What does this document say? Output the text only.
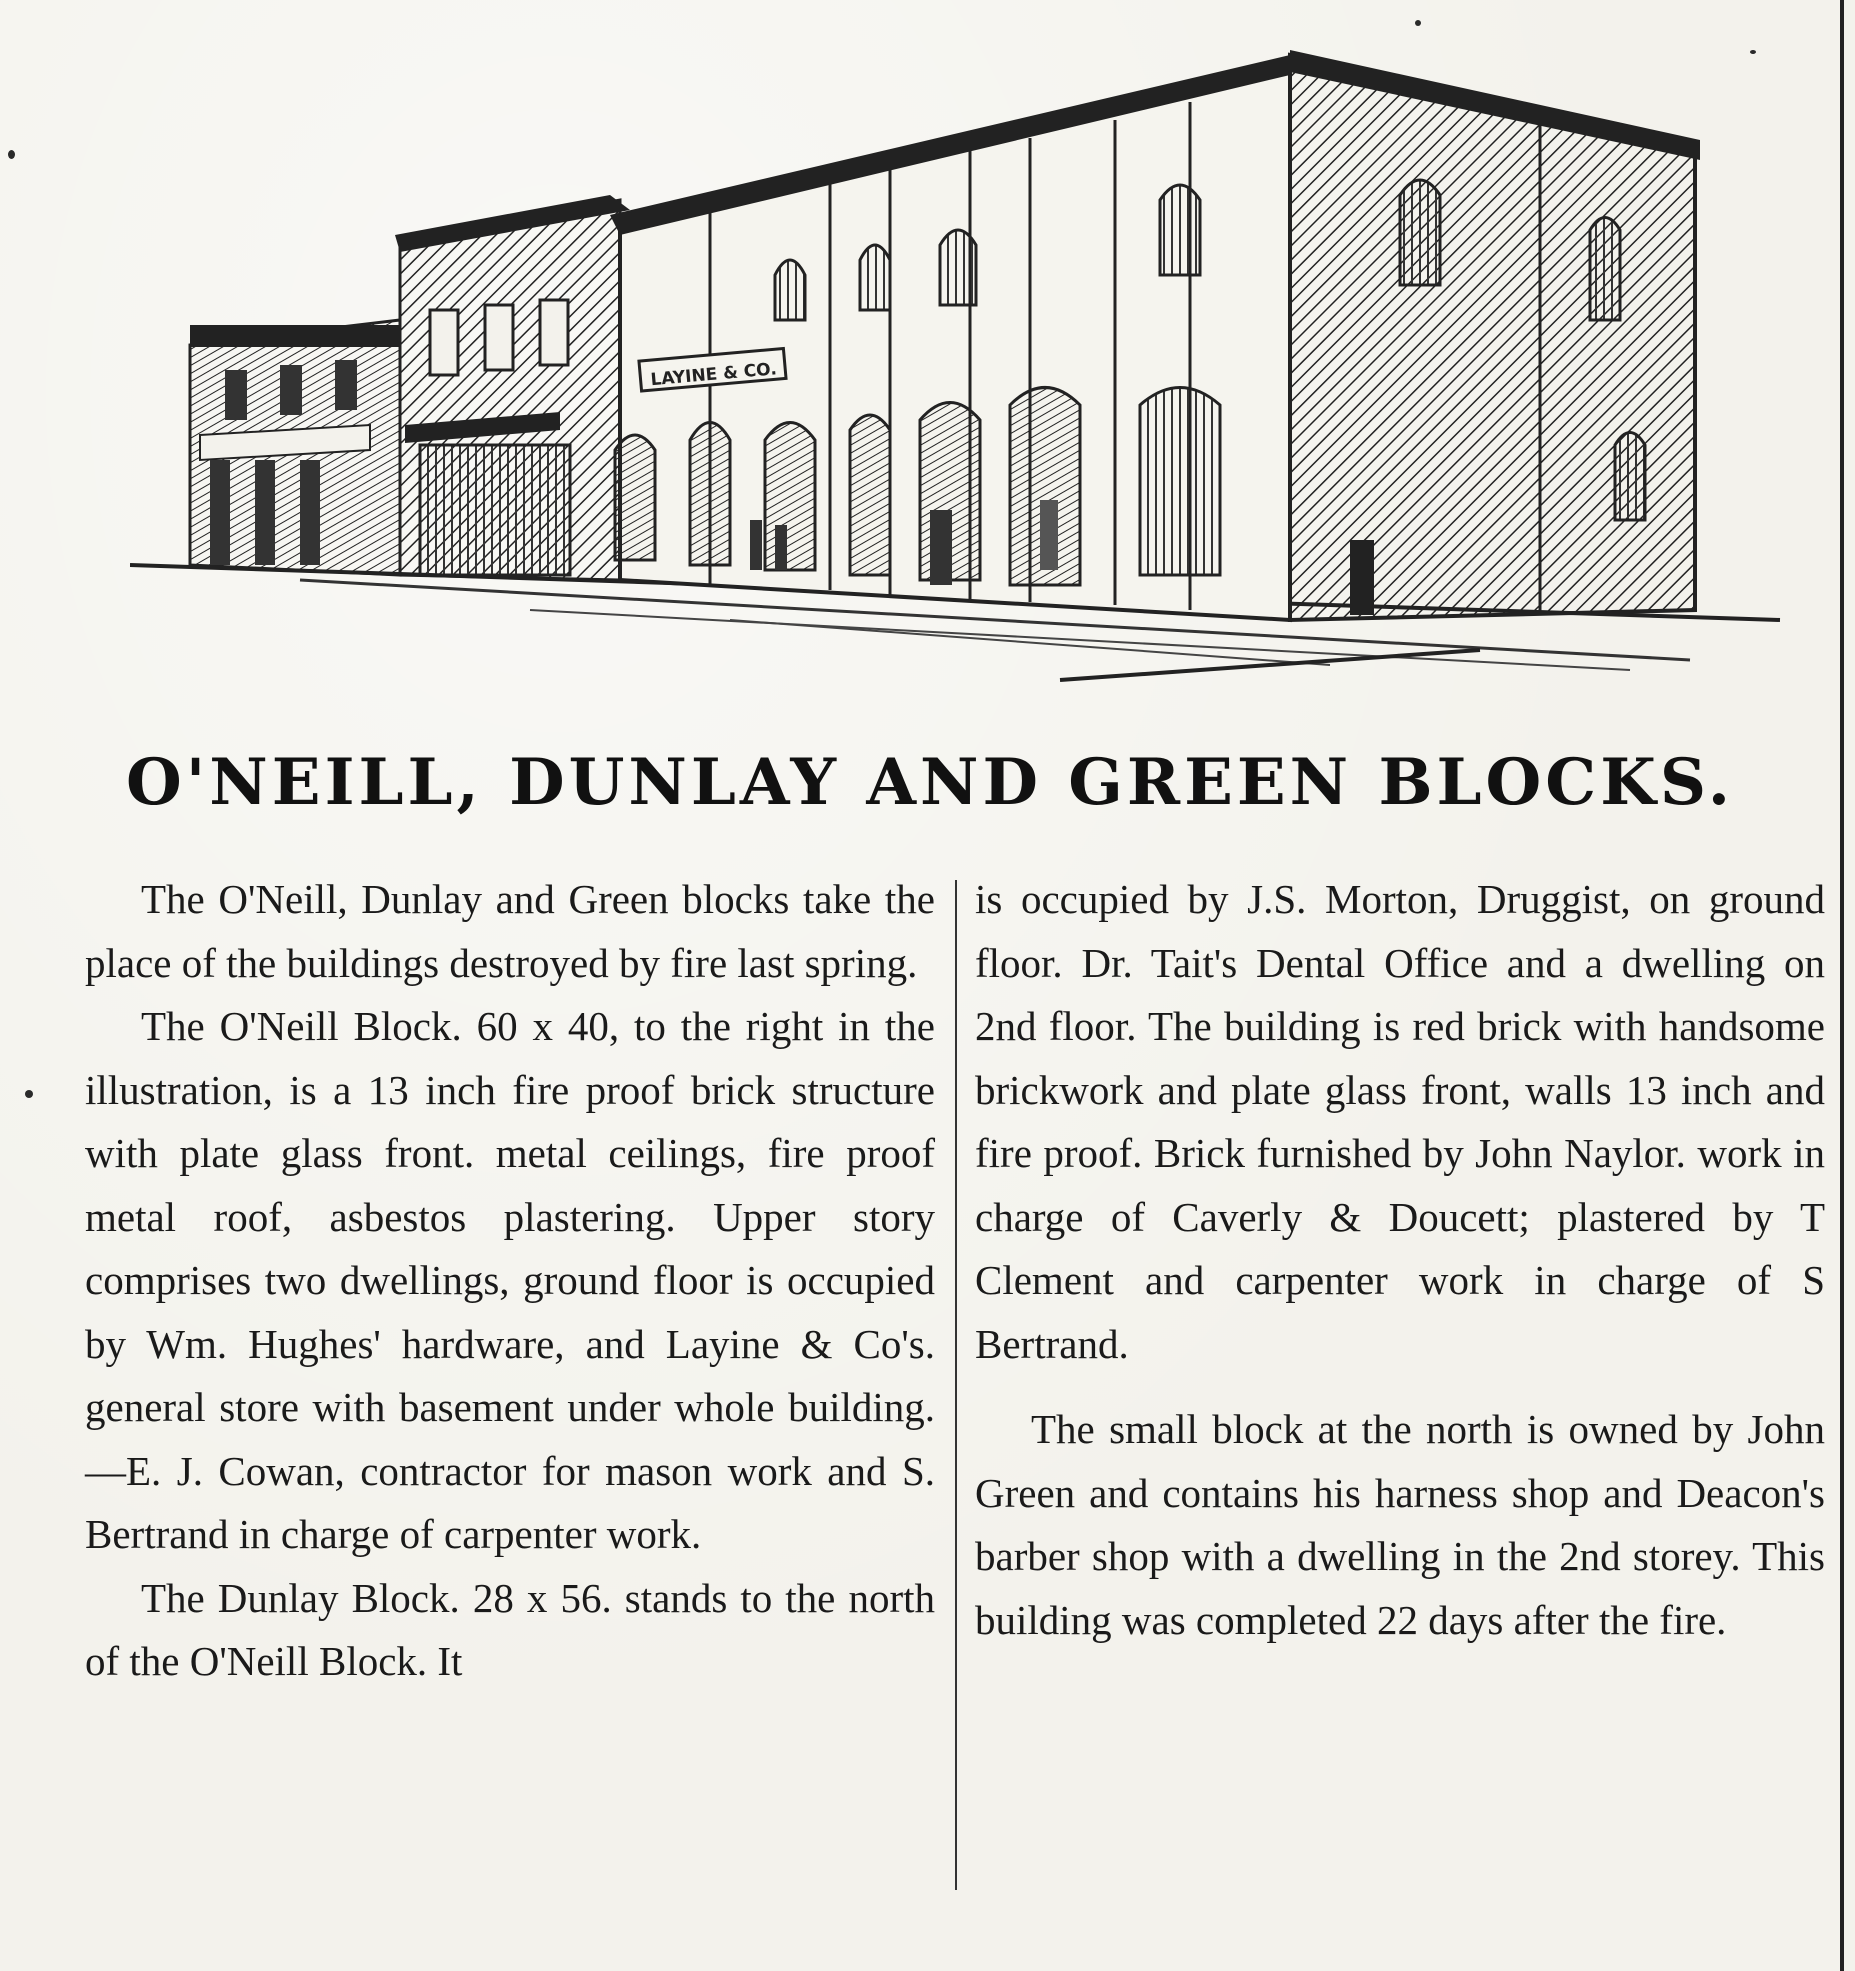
LAYINE & CO.
O'NEILL, DUNLAY AND GREEN BLOCKS.

The O'Neill, Dunlay and Green blocks take the place of the buildings destroyed by fire last spring.

The O'Neill Block. 60 x 40, to the right in the illustration, is a 13 inch fire proof brick structure with plate glass front. metal ceilings, fire proof metal roof, asbestos plastering. Upper story comprises two dwellings, ground floor is occupied by Wm. Hughes' hardware, and Layine & Co's. general store with basement under whole building.—E. J. Cowan, contractor for mason work and S. Bertrand in charge of carpenter work.

The Dunlay Block. 28 x 56. stands to the north of the O'Neill Block. It

is occupied by J.S. Morton, Druggist, on ground floor. Dr. Tait's Dental Office and a dwelling on 2nd floor. The building is red brick with handsome brickwork and plate glass front, walls 13 inch and fire proof. Brick furnished by John Naylor. work in charge of Caverly & Doucett; plastered by T Clement and carpenter work in charge of S Bertrand.

The small block at the north is owned by John Green and contains his harness shop and Deacon's barber shop with a dwelling in the 2nd storey. This building was completed 22 days after the fire.
